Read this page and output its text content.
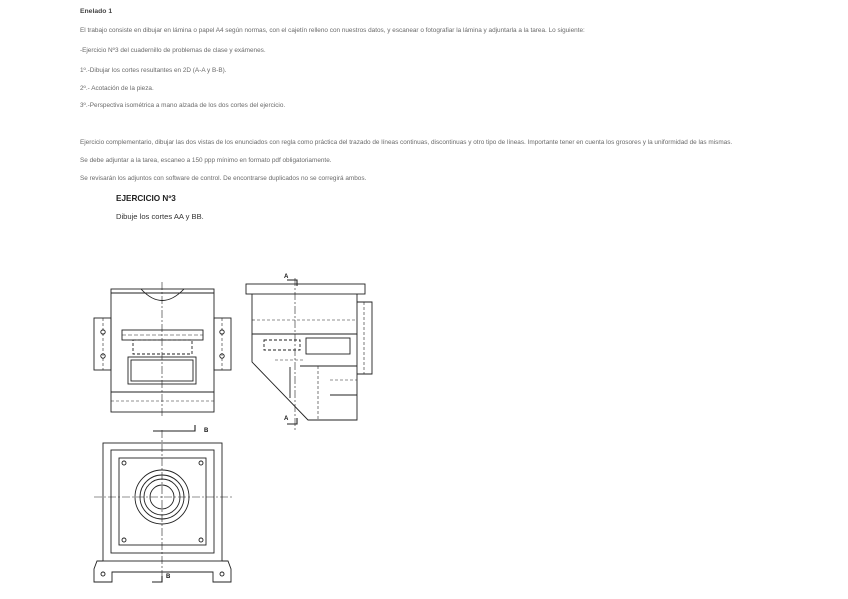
Enelado 1
El trabajo consiste en dibujar en lámina o papel A4 según normas, con el cajetín relleno con nuestros datos, y escanear o fotografiar la lámina y adjuntarla a la tarea. Lo siguiente:
-Ejercicio Nº3 del cuadernillo de problemas de clase y exámenes.
1º.-Dibujar los cortes resultantes en 2D (A-A y B-B).
2º.- Acotación de la pieza.
3º.-Perspectiva isométrica a mano alzada de los dos cortes del ejercicio.
Ejercicio complementario, dibujar las dos vistas de los enunciados con regla como práctica del trazado de líneas continuas, discontinuas y otro tipo de líneas. Importante tener en cuenta los grosores y la uniformidad de las mismas.
Se debe adjuntar a la tarea, escaneo a 150 ppp mínimo en formato pdf obligatoriamente.
Se revisarán los adjuntos con software de control. De encontrarse duplicados no se corregirá ambos.
EJERCICIO Nº3
Dibuje los cortes AA y BB.
A
A
B
B
